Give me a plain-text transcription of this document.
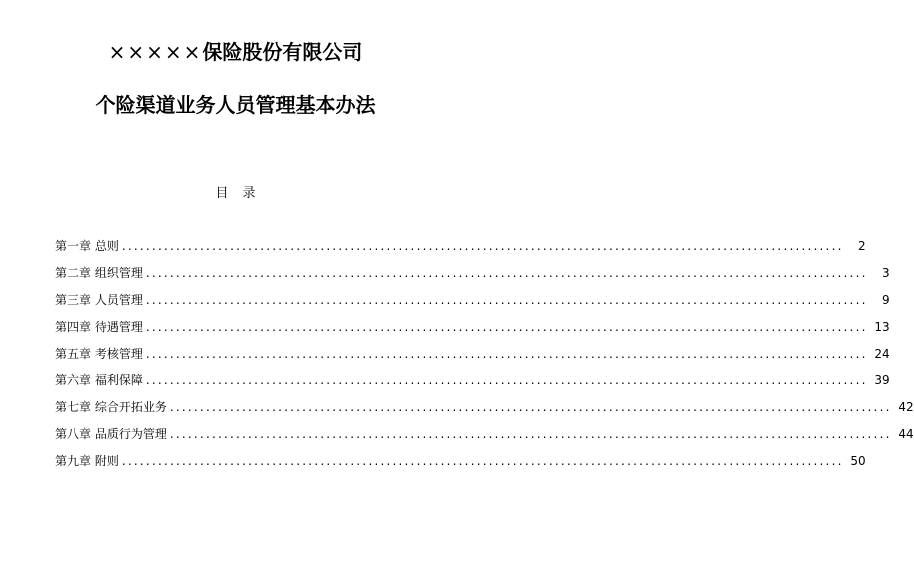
×××××保险股份有限公司
个险渠道业务人员管理基本办法
目录
第一章 总则 ........................................................................................................................	2
第二章 组织管理 ........................................................................................................................	3
第三章 人员管理 ........................................................................................................................	9
第四章 待遇管理 ........................................................................................................................ 13
第五章 考核管理 ........................................................................................................................ 24
第六章 福利保障 ........................................................................................................................ 39
第七章 综合开拓业务 ........................................................................................................................ 42
第八章 品质行为管理 ........................................................................................................................ 44
第九章 附则 ........................................................................................................................ 50
